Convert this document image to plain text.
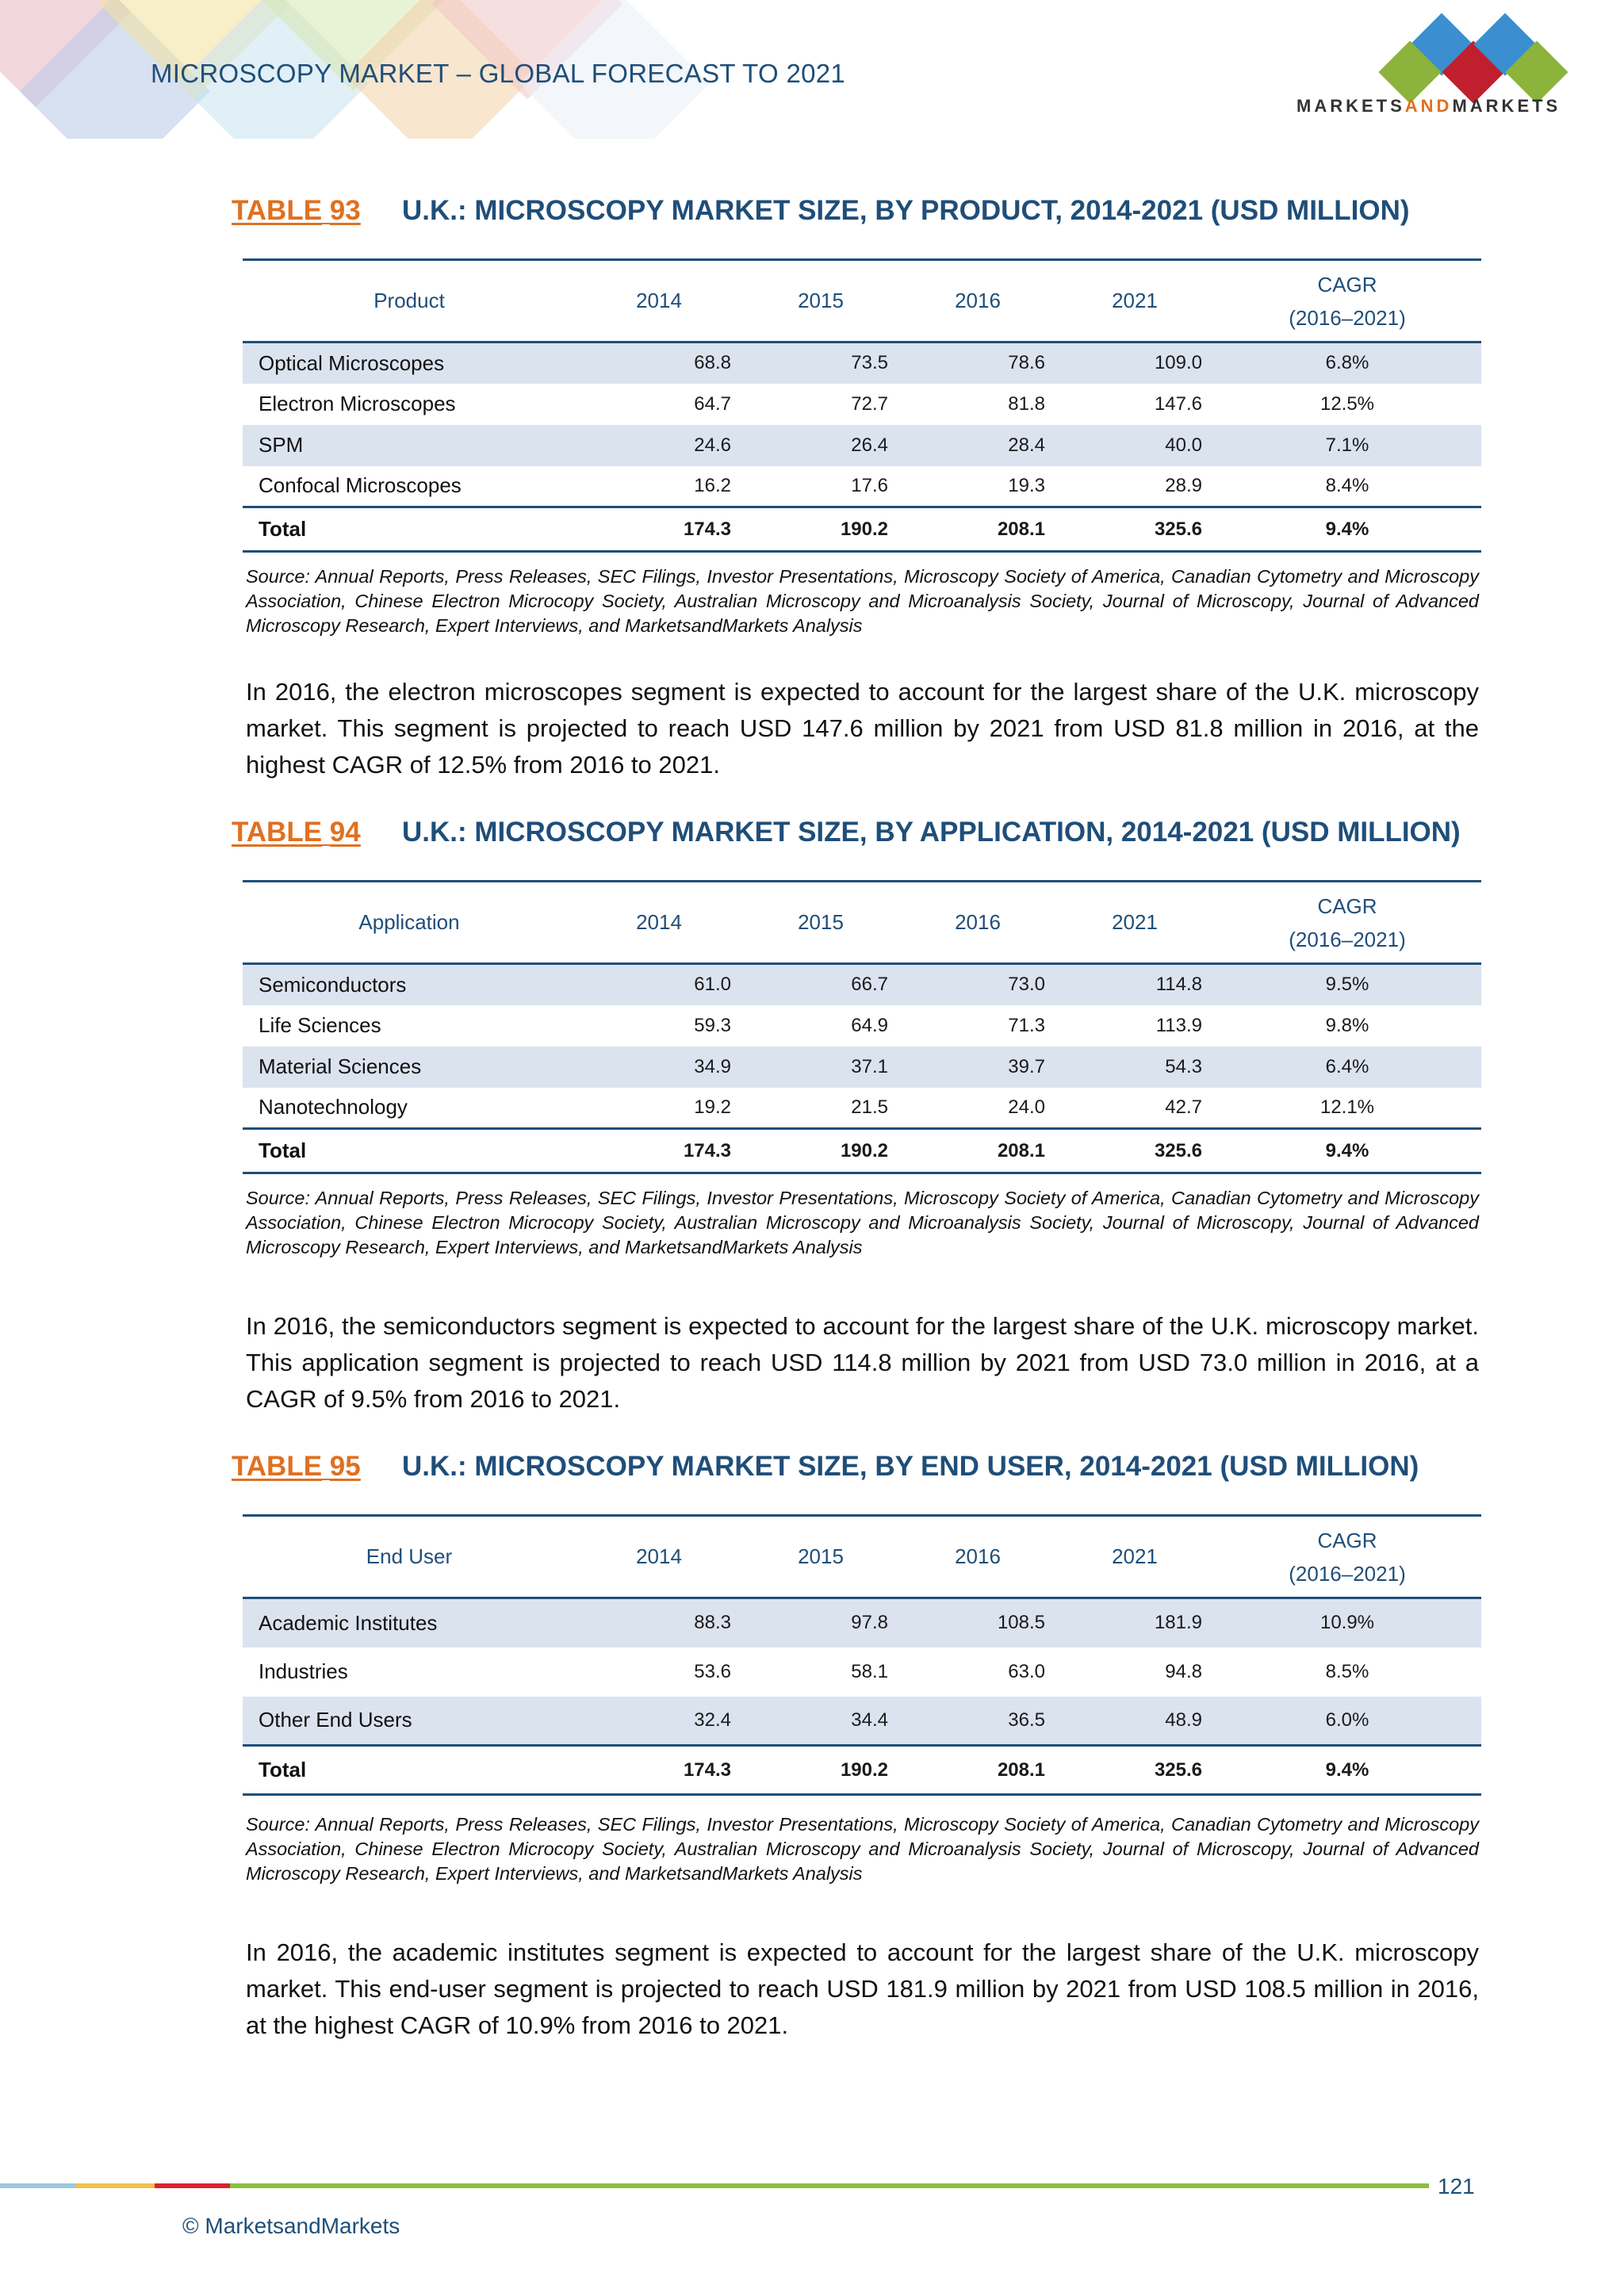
MICROSCOPY MARKET – GLOBAL FORECAST TO 2021
MARKETSANDMARKETS
TABLE 93 U.K.: MICROSCOPY MARKET SIZE, BY PRODUCT, 2014-2021 (USD MILLION)
Product	2014	2015	2016	2021	CAGR
(2016–2021)
Optical Microscopes	68.8	73.5	78.6	109.0	6.8%
Electron Microscopes	64.7	72.7	81.8	147.6	12.5%
SPM	24.6	26.4	28.4	40.0	7.1%
Confocal Microscopes	16.2	17.6	19.3	28.9	8.4%
Total	174.3	190.2	208.1	325.6	9.4%
Source: Annual Reports, Press Releases, SEC Filings, Investor Presentations, Microscopy Society of America, Canadian Cytometry and Microscopy Association, Chinese Electron Microcopy Society, Australian Microscopy and Microanalysis Society, Journal of Microscopy, Journal of Advanced Microscopy Research, Expert Interviews, and MarketsandMarkets Analysis
In 2016, the electron microscopes segment is expected to account for the largest share of the U.K. microscopy market. This segment is projected to reach USD 147.6 million by 2021 from USD 81.8 million in 2016, at the highest CAGR of 12.5% from 2016 to 2021.
TABLE 94 U.K.: MICROSCOPY MARKET SIZE, BY APPLICATION, 2014-2021 (USD MILLION)
Application	2014	2015	2016	2021	CAGR
(2016–2021)
Semiconductors	61.0	66.7	73.0	114.8	9.5%
Life Sciences	59.3	64.9	71.3	113.9	9.8%
Material Sciences	34.9	37.1	39.7	54.3	6.4%
Nanotechnology	19.2	21.5	24.0	42.7	12.1%
Total	174.3	190.2	208.1	325.6	9.4%
Source: Annual Reports, Press Releases, SEC Filings, Investor Presentations, Microscopy Society of America, Canadian Cytometry and Microscopy Association, Chinese Electron Microcopy Society, Australian Microscopy and Microanalysis Society, Journal of Microscopy, Journal of Advanced Microscopy Research, Expert Interviews, and MarketsandMarkets Analysis
In 2016, the semiconductors segment is expected to account for the largest share of the U.K. microscopy market. This application segment is projected to reach USD 114.8 million by 2021 from USD 73.0 million in 2016, at a CAGR of 9.5% from 2016 to 2021.
TABLE 95 U.K.: MICROSCOPY MARKET SIZE, BY END USER, 2014-2021 (USD MILLION)
End User	2014	2015	2016	2021	CAGR
(2016–2021)
Academic Institutes	88.3	97.8	108.5	181.9	10.9%
Industries	53.6	58.1	63.0	94.8	8.5%
Other End Users	32.4	34.4	36.5	48.9	6.0%
Total	174.3	190.2	208.1	325.6	9.4%
Source: Annual Reports, Press Releases, SEC Filings, Investor Presentations, Microscopy Society of America, Canadian Cytometry and Microscopy Association, Chinese Electron Microcopy Society, Australian Microscopy and Microanalysis Society, Journal of Microscopy, Journal of Advanced Microscopy Research, Expert Interviews, and MarketsandMarkets Analysis
In 2016, the academic institutes segment is expected to account for the largest share of the U.K. microscopy market. This end-user segment is projected to reach USD 181.9 million by 2021 from USD 108.5 million in 2016, at the highest CAGR of 10.9% from 2016 to 2021.
121
© MarketsandMarkets
